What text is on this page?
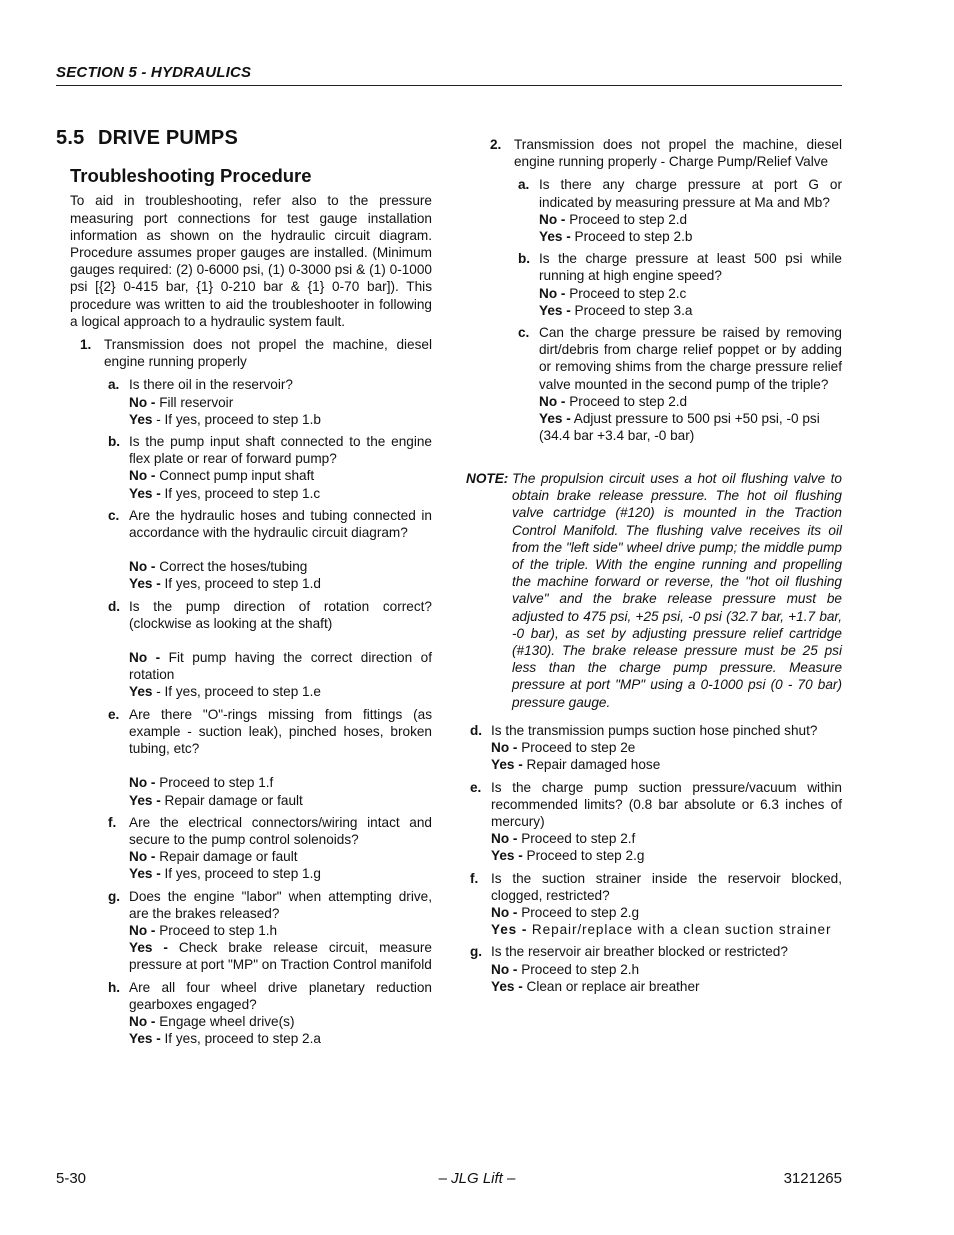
SECTION 5 - HYDRAULICS
5.5 DRIVE PUMPS
Troubleshooting Procedure
To aid in troubleshooting, refer also to the pressure measuring port connections for test gauge installation information as shown on the hydraulic circuit diagram. Procedure assumes proper gauges are installed. (Minimum gauges required: (2) 0-6000 psi, (1) 0-3000 psi & (1) 0-1000 psi [{2} 0-415 bar, {1} 0-210 bar & {1} 0-70 bar]). This procedure was written to aid the troubleshooter in following a logical approach to a hydraulic system fault.
1. Transmission does not propel the machine, diesel engine running properly
a. Is there oil in the reservoir?
No - Fill reservoir
Yes - If yes, proceed to step 1.b
b. Is the pump input shaft connected to the engine flex plate or rear of forward pump?
No - Connect pump input shaft
Yes - If yes, proceed to step 1.c
c. Are the hydraulic hoses and tubing connected in accordance with the hydraulic circuit diagram?
No - Correct the hoses/tubing
Yes - If yes, proceed to step 1.d
d. Is the pump direction of rotation correct? (clockwise as looking at the shaft)
No - Fit pump having the correct direction of rotation
Yes - If yes, proceed to step 1.e
e. Are there "O"-rings missing from fittings (as example - suction leak), pinched hoses, broken tubing, etc?
No - Proceed to step 1.f
Yes - Repair damage or fault
f. Are the electrical connectors/wiring intact and secure to the pump control solenoids?
No - Repair damage or fault
Yes - If yes, proceed to step 1.g
g. Does the engine "labor" when attempting drive, are the brakes released?
No - Proceed to step 1.h
Yes - Check brake release circuit, measure pressure at port "MP" on Traction Control manifold
h. Are all four wheel drive planetary reduction gearboxes engaged?
No - Engage wheel drive(s)
Yes - If yes, proceed to step 2.a
2. Transmission does not propel the machine, diesel engine running properly - Charge Pump/Relief Valve
a. Is there any charge pressure at port G or indicated by measuring pressure at Ma and Mb?
No - Proceed to step 2.d
Yes - Proceed to step 2.b
b. Is the charge pressure at least 500 psi while running at high engine speed?
No - Proceed to step 2.c
Yes - Proceed to step 3.a
c. Can the charge pressure be raised by removing dirt/debris from charge relief poppet or by adding or removing shims from the charge pressure relief valve mounted in the second pump of the triple?
No - Proceed to step 2.d
Yes - Adjust pressure to 500 psi +50 psi, -0 psi (34.4 bar +3.4 bar, -0 bar)
NOTE: The propulsion circuit uses a hot oil flushing valve to obtain brake release pressure. The hot oil flushing valve cartridge (#120) is mounted in the Traction Control Manifold. The flushing valve receives its oil from the "left side" wheel drive pump; the middle pump of the triple. With the engine running and propelling the machine forward or reverse, the "hot oil flushing valve" and the brake release pressure must be adjusted to 475 psi, +25 psi, -0 psi (32.7 bar, +1.7 bar, -0 bar), as set by adjusting pressure relief cartridge (#130). The brake release pressure must be 25 psi less than the charge pump pressure. Measure pressure at port "MP" using a 0-1000 psi (0 - 70 bar) pressure gauge.
d. Is the transmission pumps suction hose pinched shut?
No - Proceed to step 2e
Yes - Repair damaged hose
e. Is the charge pump suction pressure/vacuum within recommended limits? (0.8 bar absolute or 6.3 inches of mercury)
No - Proceed to step 2.f
Yes - Proceed to step 2.g
f. Is the suction strainer inside the reservoir blocked, clogged, restricted?
No - Proceed to step 2.g
Yes - Repair/replace with a clean suction strainer
g. Is the reservoir air breather blocked or restricted?
No - Proceed to step 2.h
Yes - Clean or replace air breather
5-30	– JLG Lift –	3121265
